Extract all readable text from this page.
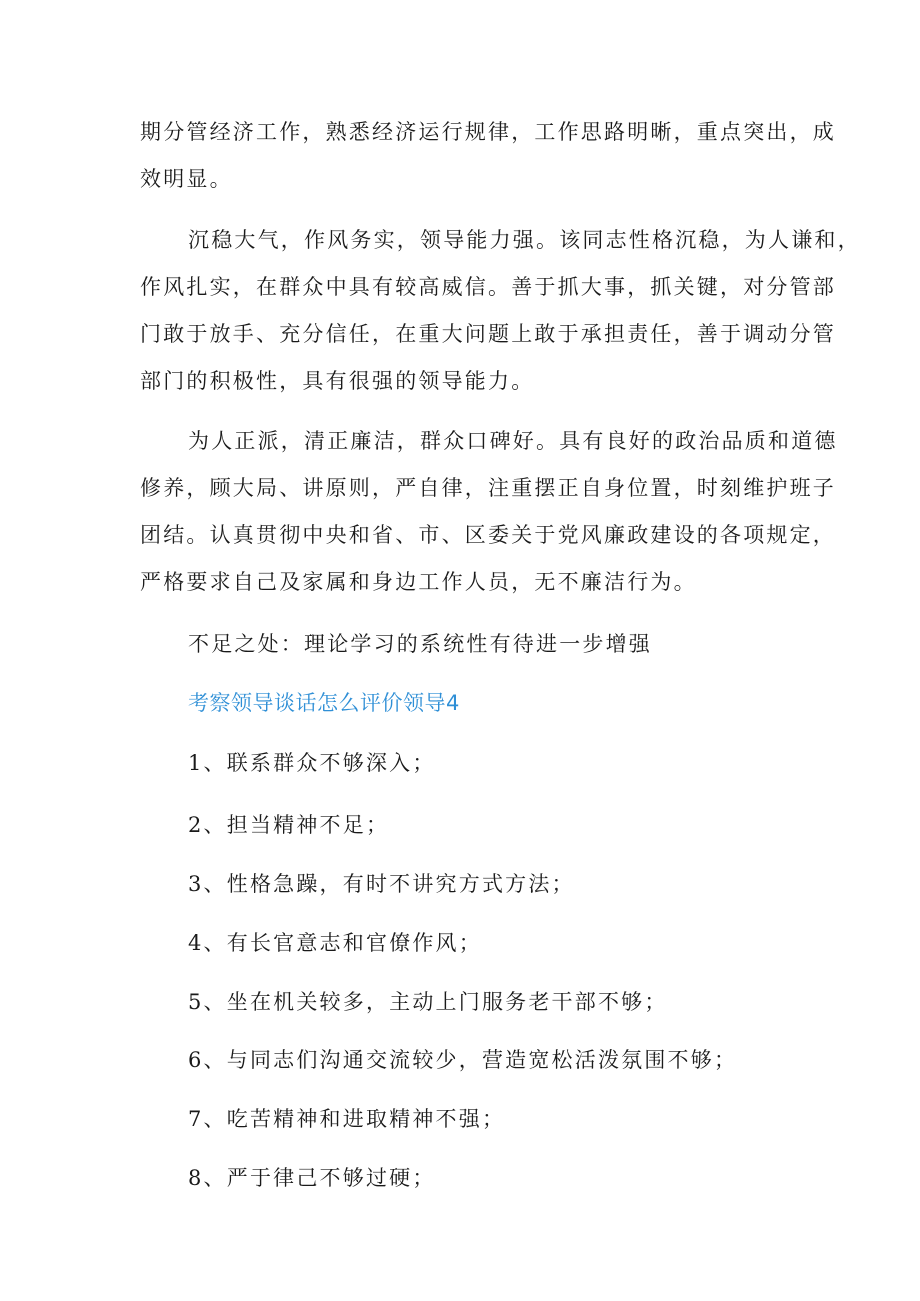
期分管经济工作，熟悉经济运行规律，工作思路明晰，重点突出，成
效明显。
沉稳大气，作风务实，领导能力强。该同志性格沉稳，为人谦和，
作风扎实，在群众中具有较高威信。善于抓大事，抓关键，对分管部
门敢于放手、充分信任，在重大问题上敢于承担责任，善于调动分管
部门的积极性，具有很强的领导能力。
为人正派，清正廉洁，群众口碑好。具有良好的政治品质和道德
修养，顾大局、讲原则，严自律，注重摆正自身位置，时刻维护班子
团结。认真贯彻中央和省、市、区委关于党风廉政建设的各项规定，
严格要求自己及家属和身边工作人员，无不廉洁行为。
不足之处：理论学习的系统性有待进一步增强
考察领导谈话怎么评价领导4
1、联系群众不够深入；
2、担当精神不足；
3、性格急躁，有时不讲究方式方法；
4、有长官意志和官僚作风；
5、坐在机关较多，主动上门服务老干部不够；
6、与同志们沟通交流较少，营造宽松活泼氛围不够；
7、吃苦精神和进取精神不强；
8、严于律己不够过硬；
